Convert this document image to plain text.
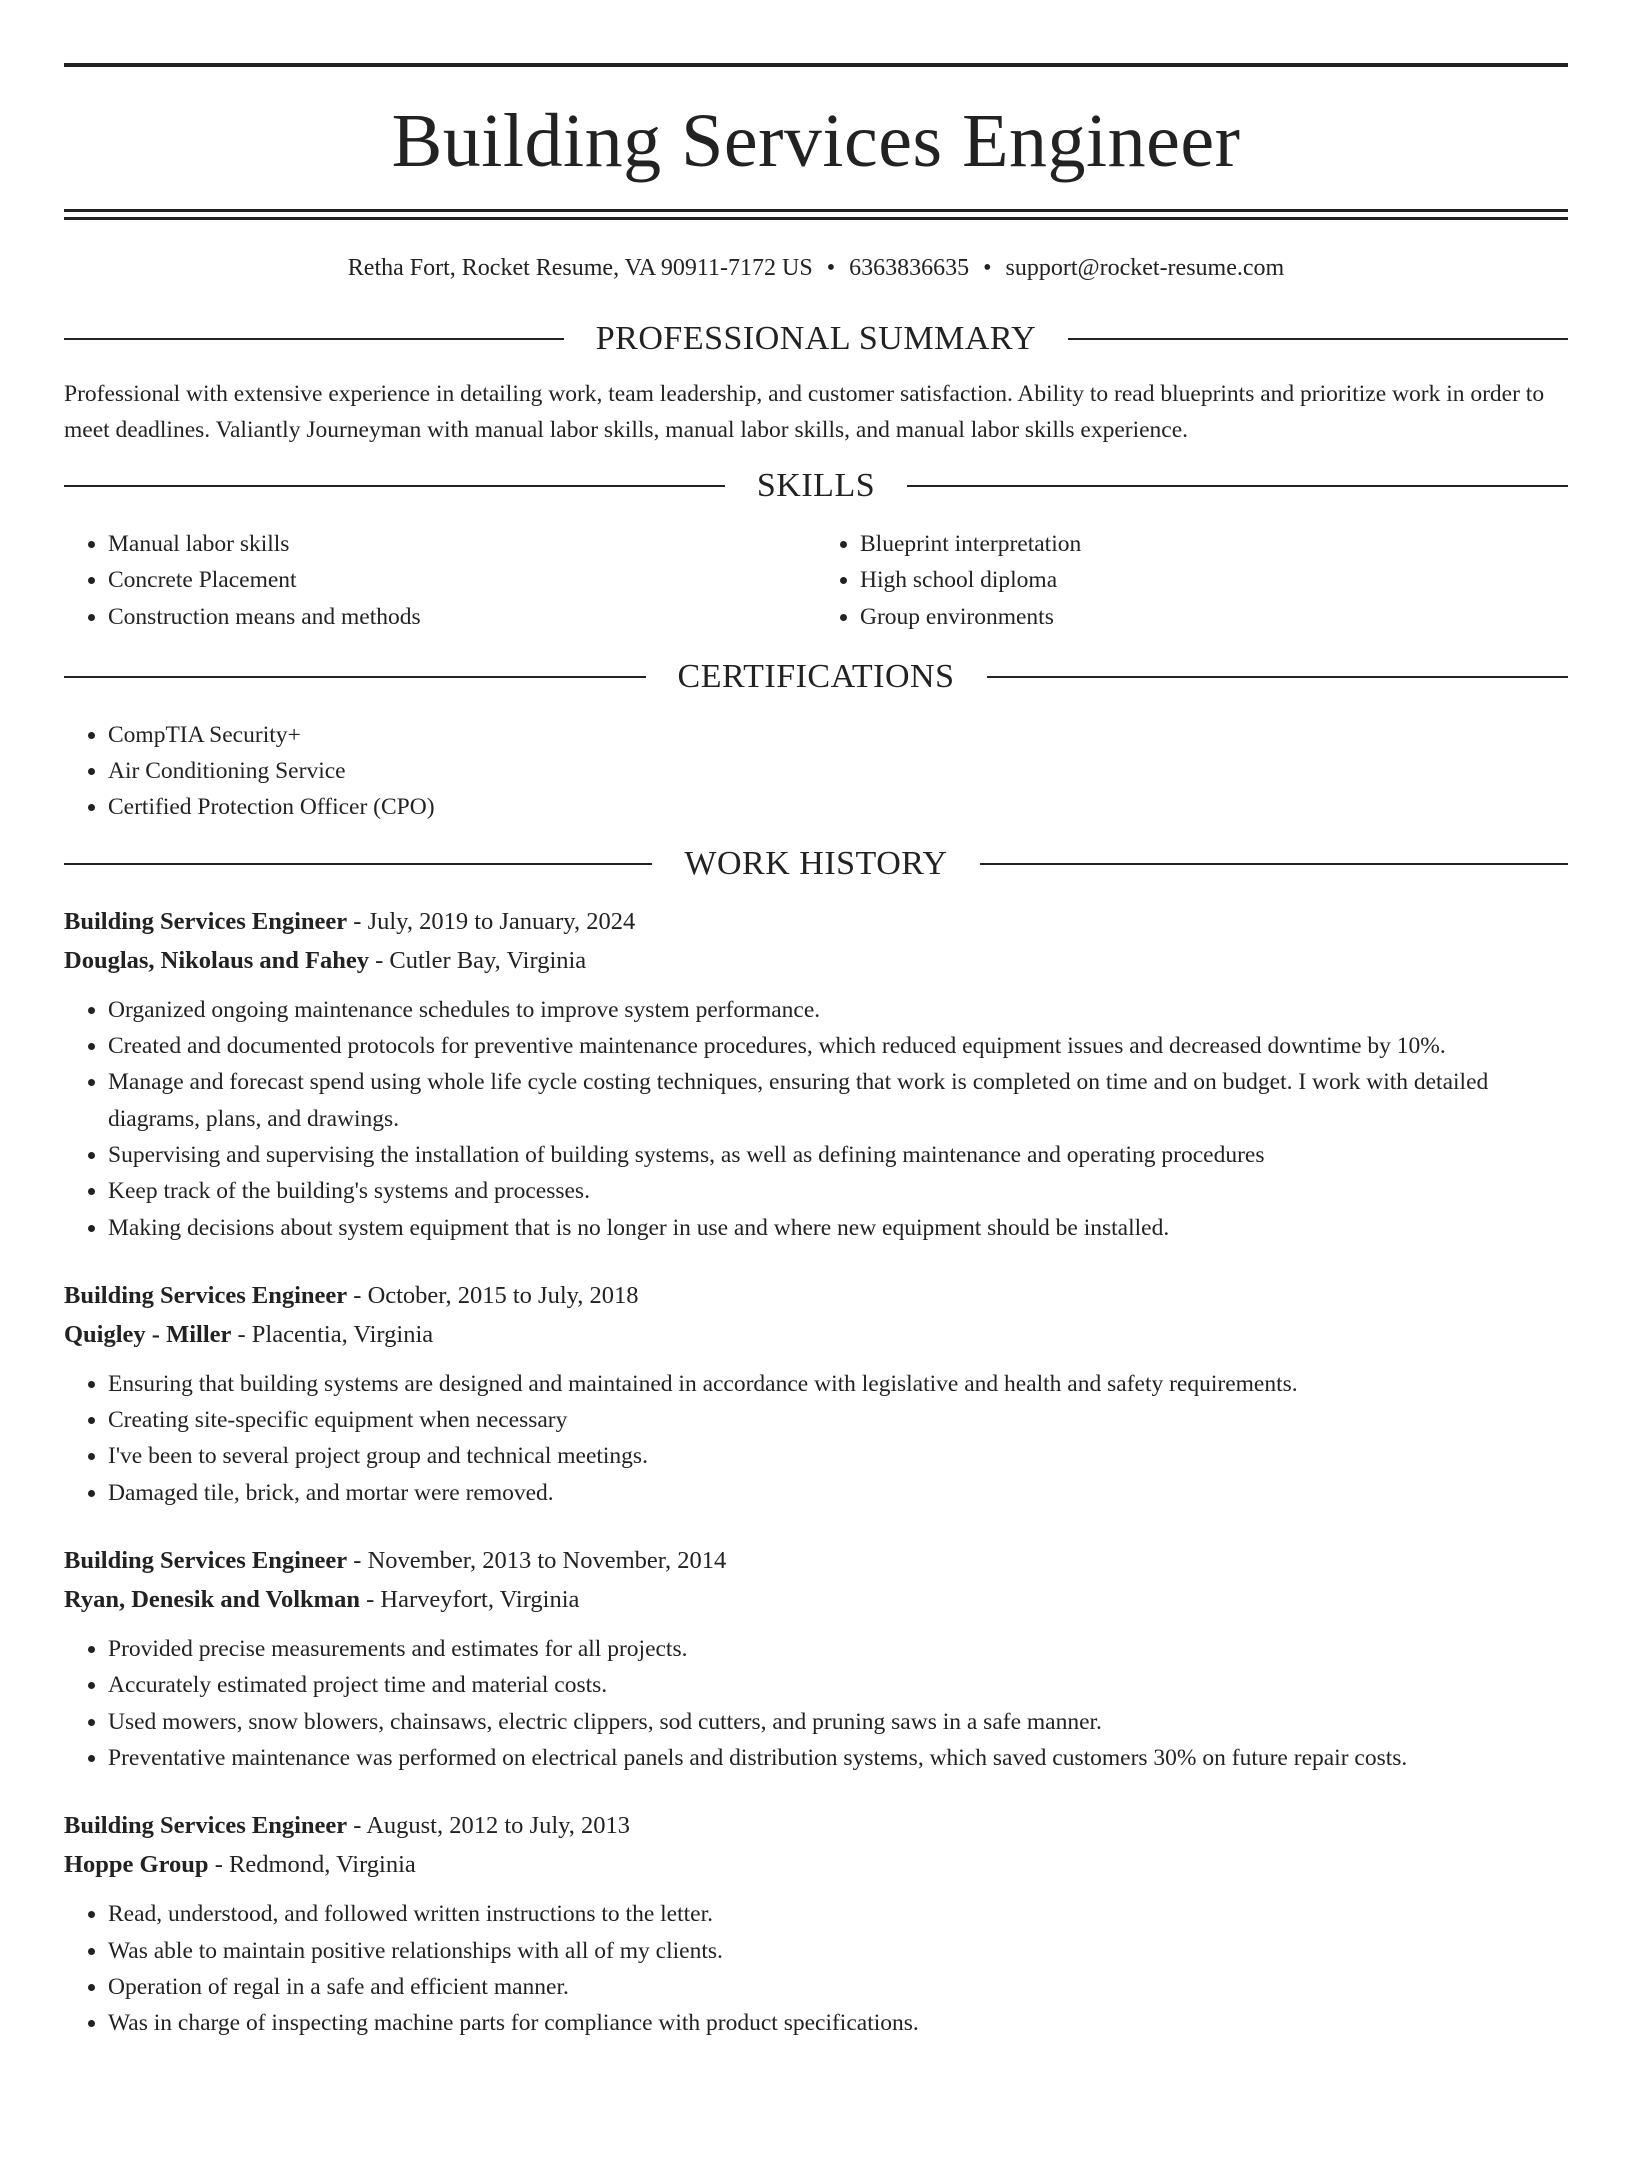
Building Services Engineer
Retha Fort, Rocket Resume, VA 90911-7172 US • 6363836635 • support@rocket-resume.com
PROFESSIONAL SUMMARY

Professional with extensive experience in detailing work, team leadership, and customer satisfaction. Ability to read blueprints and prioritize work in order to meet deadlines. Valiantly Journeyman with manual labor skills, manual labor skills, and manual labor skills experience.

SKILLS
• Manual labor skills
• Concrete Placement
• Construction means and methods
• Blueprint interpretation
• High school diploma
• Group environments
CERTIFICATIONS
• CompTIA Security+
• Air Conditioning Service
• Certified Protection Officer (CPO)
WORK HISTORY
Building Services Engineer - July, 2019 to January, 2024
Douglas, Nikolaus and Fahey - Cutler Bay, Virginia
• Organized ongoing maintenance schedules to improve system performance.
• Created and documented protocols for preventive maintenance procedures, which reduced equipment issues and decreased downtime by 10%.
• Manage and forecast spend using whole life cycle costing techniques, ensuring that work is completed on time and on budget. I work with detailed diagrams, plans, and drawings.
• Supervising and supervising the installation of building systems, as well as defining maintenance and operating procedures
• Keep track of the building's systems and processes.
• Making decisions about system equipment that is no longer in use and where new equipment should be installed.
Building Services Engineer - October, 2015 to July, 2018
Quigley - Miller - Placentia, Virginia
• Ensuring that building systems are designed and maintained in accordance with legislative and health and safety requirements.
• Creating site-specific equipment when necessary
• I've been to several project group and technical meetings.
• Damaged tile, brick, and mortar were removed.
Building Services Engineer - November, 2013 to November, 2014
Ryan, Denesik and Volkman - Harveyfort, Virginia
• Provided precise measurements and estimates for all projects.
• Accurately estimated project time and material costs.
• Used mowers, snow blowers, chainsaws, electric clippers, sod cutters, and pruning saws in a safe manner.
• Preventative maintenance was performed on electrical panels and distribution systems, which saved customers 30% on future repair costs.
Building Services Engineer - August, 2012 to July, 2013
Hoppe Group - Redmond, Virginia
• Read, understood, and followed written instructions to the letter.
• Was able to maintain positive relationships with all of my clients.
• Operation of regal in a safe and efficient manner.
• Was in charge of inspecting machine parts for compliance with product specifications.
